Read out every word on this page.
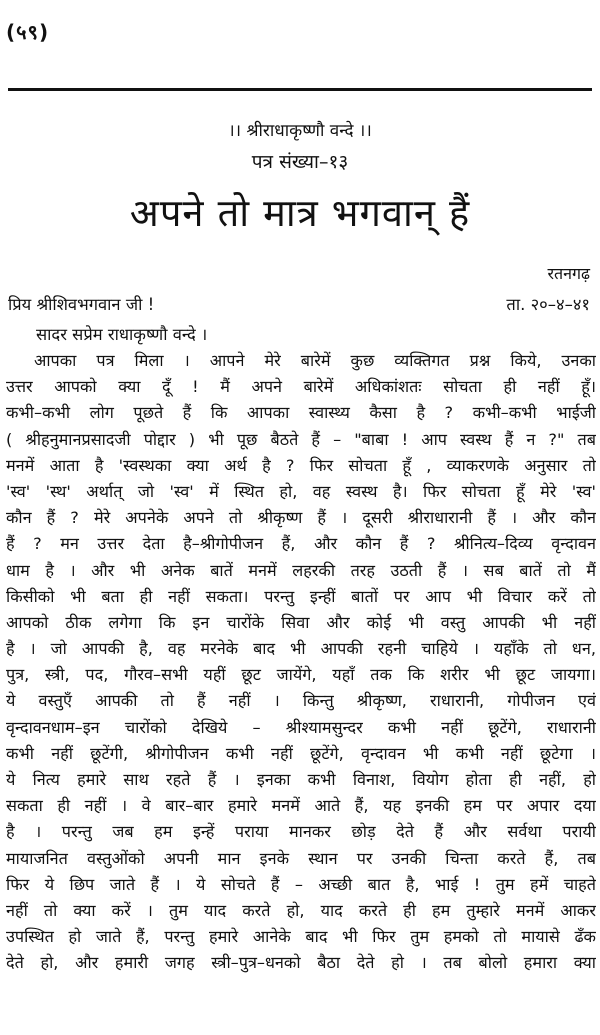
(५९)
।। श्रीराधाकृष्णौ वन्दे ।।
पत्र संख्या–१३
अपने तो मात्र भगवान् हैं
रतनगढ़
प्रिय श्रीशिवभगवान जी !	ता. २०–४–४१
सादर सप्रेम राधाकृष्णौ वन्दे ।
आपका पत्र मिला । आपने मेरे बारेमें कुछ व्यक्तिगत प्रश्न किये, उनका
उत्तर आपको क्या दूँ ! मैं अपने बारेमें अधिकांशतः सोचता ही नहीं हूँ।
कभी–कभी लोग पूछते हैं कि आपका स्वास्थ्य कैसा है ? कभी–कभी भाईजी
( श्रीहनुमानप्रसादजी पोद्दार ) भी पूछ बैठते हैं – "बाबा ! आप स्वस्थ हैं न ?" तब
मनमें आता है 'स्वस्थका क्या अर्थ है ? फिर सोचता हूँ , व्याकरणके अनुसार तो
'स्व' 'स्थ' अर्थात् जो 'स्व' में स्थित हो, वह स्वस्थ है। फिर सोचता हूँ मेरे 'स्व'
कौन हैं ? मेरे अपनेके अपने तो श्रीकृष्ण हैं । दूसरी श्रीराधारानी हैं । और कौन
हैं ? मन उत्तर देता है–श्रीगोपीजन हैं, और कौन हैं ? श्रीनित्य–दिव्य वृन्दावन
धाम है । और भी अनेक बातें मनमें लहरकी तरह उठती हैं । सब बातें तो मैं
किसीको भी बता ही नहीं सकता। परन्तु इन्हीं बातों पर आप भी विचार करें तो
आपको ठीक लगेगा कि इन चारोंके सिवा और कोई भी वस्तु आपकी भी नहीं
है । जो आपकी है, वह मरनेके बाद भी आपकी रहनी चाहिये । यहाँके तो धन,
पुत्र, स्त्री, पद, गौरव–सभी यहीं छूट जायेंगे, यहाँ तक कि शरीर भी छूट जायगा।
ये वस्तुएँ आपकी तो हैं नहीं । किन्तु श्रीकृष्ण, राधारानी, गोपीजन एवं
वृन्दावनधाम–इन चारोंको देखिये – श्रीश्यामसुन्दर कभी नहीं छूटेंगे, राधारानी
कभी नहीं छूटेंगी, श्रीगोपीजन कभी नहीं छूटेंगे, वृन्दावन भी कभी नहीं छूटेगा ।
ये नित्य हमारे साथ रहते हैं । इनका कभी विनाश, वियोग होता ही नहीं, हो
सकता ही नहीं । वे बार–बार हमारे मनमें आते हैं, यह इनकी हम पर अपार दया
है । परन्तु जब हम इन्हें पराया मानकर छोड़ देते हैं और सर्वथा परायी
मायाजनित वस्तुओंको अपनी मान इनके स्थान पर उनकी चिन्ता करते हैं, तब
फिर ये छिप जाते हैं । ये सोचते हैं – अच्छी बात है, भाई ! तुम हमें चाहते
नहीं तो क्या करें । तुम याद करते हो, याद करते ही हम तुम्हारे मनमें आकर
उपस्थित हो जाते हैं, परन्तु हमारे आनेके बाद भी फिर तुम हमको तो मायासे ढँक
देते हो, और हमारी जगह स्त्री–पुत्र–धनको बैठा देते हो । तब बोलो हमारा क्या
